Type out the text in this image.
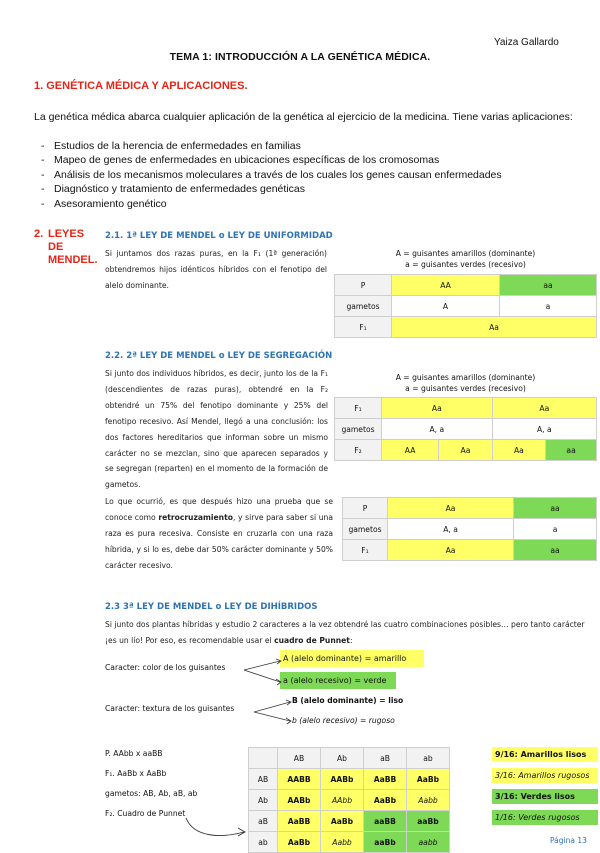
Yaiza Gallardo
TEMA 1: INTRODUCCIÓN A LA GENÉTICA MÉDICA.
1. GENÉTICA MÉDICA Y APLICACIONES.
La genética médica abarca cualquier aplicación de la genética al ejercicio de la medicina. Tiene varias aplicaciones:
- Estudios de la herencia de enfermedades en familias
- Mapeo de genes de enfermedades en ubicaciones específicas de los cromosomas
- Análisis de los mecanismos moleculares a través de los cuales los genes causan enfermedades
- Diagnóstico y tratamiento de enfermedades genéticas
- Asesoramiento genético
2. LEYES
DE
MENDEL.
2.1. 1ª LEY DE MENDEL o LEY DE UNIFORMIDAD
Si juntamos dos razas puras, en la F₁ (1ª generación) obtendremos hijos idénticos híbridos con el fenotipo del alelo dominante.
A = guisantes amarillos (dominante)
a = guisantes verdes (recesivo)		
P	AA	aa
gametos	A	a
F₁	Aa	
2.2. 2ª LEY DE MENDEL o LEY DE SEGREGACIÓN
Si junto dos individuos híbridos, es decir, junto los de la F₁ (descendientes de razas puras), obtendré en la F₂ obtendré un 75% del fenotipo dominante y 25% del fenotipo recesivo. Así Mendel, llegó a una conclusión: los dos factores hereditarios que informan sobre un mismo carácter no se mezclan, sino que aparecen separados y se segregan (reparten) en el momento de la formación de gametos.
A = guisantes amarillos (dominante)
a = guisantes verdes (recesivo)				
F₁	Aa		Aa	
gametos	A, a		A, a	
F₂	AA	Aa	Aa	aa
Lo que ocurrió, es que después hizo una prueba que se conoce como retrocruzamiento, y sirve para saber si una raza es pura recesiva. Consiste en cruzarla con una raza híbrida, y si lo es, debe dar 50% carácter dominante y 50% carácter recesivo.
P	Aa	aa
gametos	A, a	a
F₁	Aa	aa
2.3 3ª LEY DE MENDEL o LEY DE DIHÍBRIDOS
Si junto dos plantas híbridas y estudio 2 caracteres a la vez obtendré las cuatro combinaciones posibles… pero tanto carácter ¡es un lío! Por eso, es recomendable usar el cuadro de Punnet:
Caracter: color de los guisantes
A (alelo dominante) = amarillo
a (alelo recesivo) = verde
Caracter: textura de los guisantes
B (alelo dominante) = liso
b (alelo recesivo) = rugoso
P. AAbb x aaBB
F₁. AaBb x AaBb
gametos: AB, Ab, aB, ab
F₂. Cuadro de Punnet
	AB	Ab	aB	ab
AB	AABB	AABb	AaBB	AaBb
Ab	AABb	AAbb	AaBb	Aabb
aB	AaBB	AaBb	aaBB	aaBb
ab	AaBb	Aabb	aaBb	aabb
9/16: Amarillos lisos
3/16: Amarillos rugosos
3/16: Verdes lisos
1/16: Verdes rugosos
Página 13
